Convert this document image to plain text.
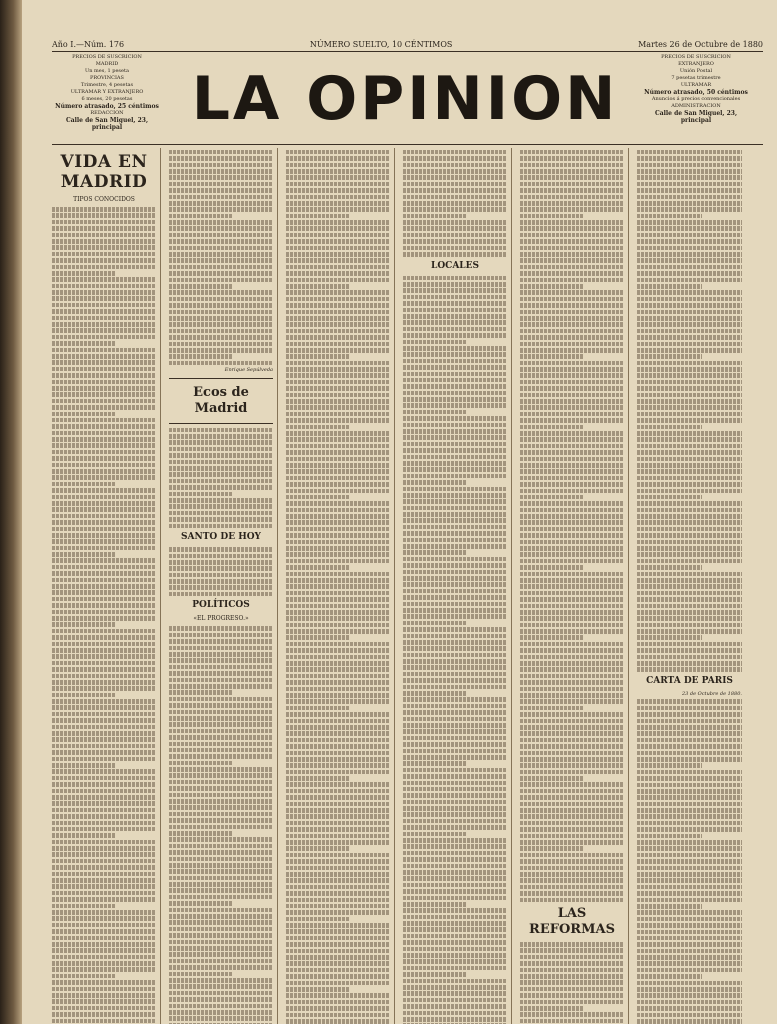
Año I.—Núm. 176	NÚMERO SUELTO, 10 CÉNTIMOS	Martes 26 de Octubre de 1880
PRECIOS DE SUSCRICION
MADRID
Un mes, 1 peseta
PROVINCIAS
Trimestre, 4 pesetas
ULTRAMAR Y EXTRANJERO
6 meses, 20 pesetas
Número atrasado, 25 céntimos
REDACCION
Calle de San Miguel, 23, principal	LA OPINION
PRECIOS DE SUSCRICION
EXTRANJERO
Unión Postal
7 pesetas trimestre
ULTRAMAR
Número atrasado, 50 céntimos
Anuncios á precios convencionales
ADMINISTRACION
Calle de San Miguel, 23, principal
VIDA EN MADRID
TIPOS CONOCIDOS
Enrique Sepúlveda
Ecos de Madrid
SANTO DE HOY
POLÍTICOS
«EL PROGRESO.»
LOCALES
LAS REFORMAS
CARTA DE PARIS
23 de Octubre de 1880.
